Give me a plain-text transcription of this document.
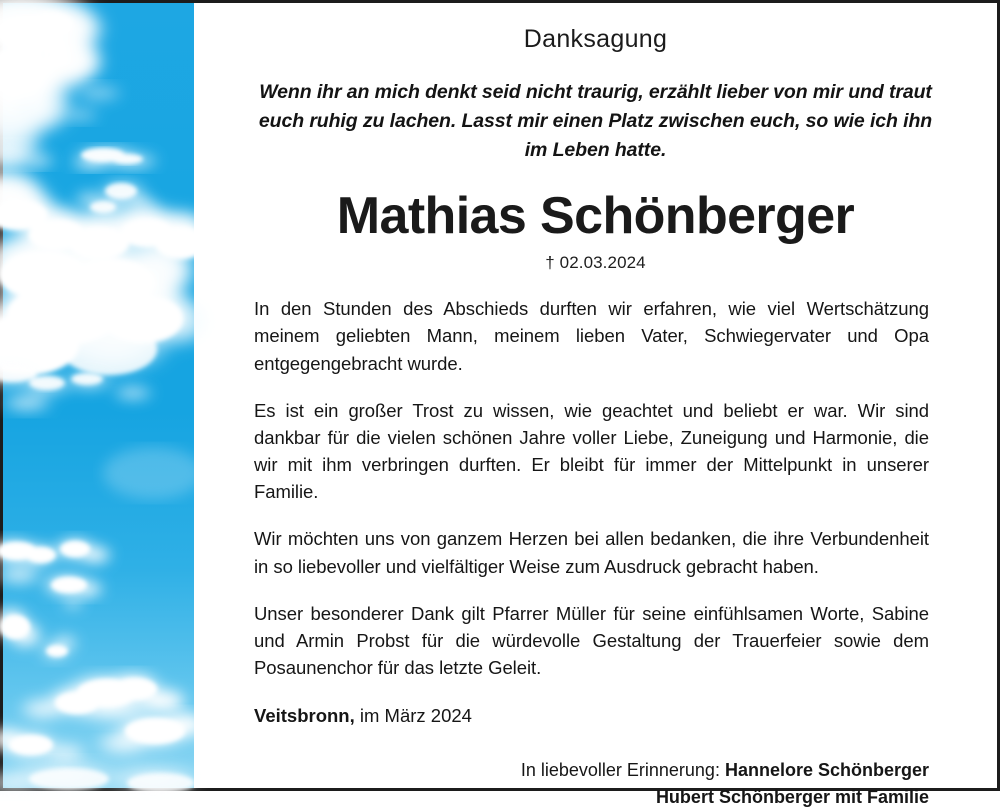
Danksagung
Wenn ihr an mich denkt seid nicht traurig, erzählt lieber von mir und traut euch ruhig zu lachen. Lasst mir einen Platz zwischen euch, so wie ich ihn im Leben hatte.
Mathias Schönberger
† 02.03.2024

In den Stunden des Abschieds durften wir erfahren, wie viel Wertschätzung meinem geliebten Mann, meinem lieben Vater, Schwiegervater und Opa entgegengebracht wurde.

Es ist ein großer Trost zu wissen, wie geachtet und beliebt er war. Wir sind dankbar für die vielen schönen Jahre voller Liebe, Zuneigung und Harmonie, die wir mit ihm verbringen durften. Er bleibt für immer der Mittelpunkt in unserer Familie.

Wir möchten uns von ganzem Herzen bei allen bedanken, die ihre Verbundenheit in so liebevoller und vielfältiger Weise zum Ausdruck gebracht haben.

Unser besonderer Dank gilt Pfarrer Müller für seine einfühlsamen Worte, Sabine und Armin Probst für die würdevolle Gestaltung der Trauerfeier sowie dem Posaunenchor für das letzte Geleit.

Veitsbronn, im März 2024
In liebevoller Erinnerung: Hannelore Schönberger
Hubert Schönberger mit Familie
